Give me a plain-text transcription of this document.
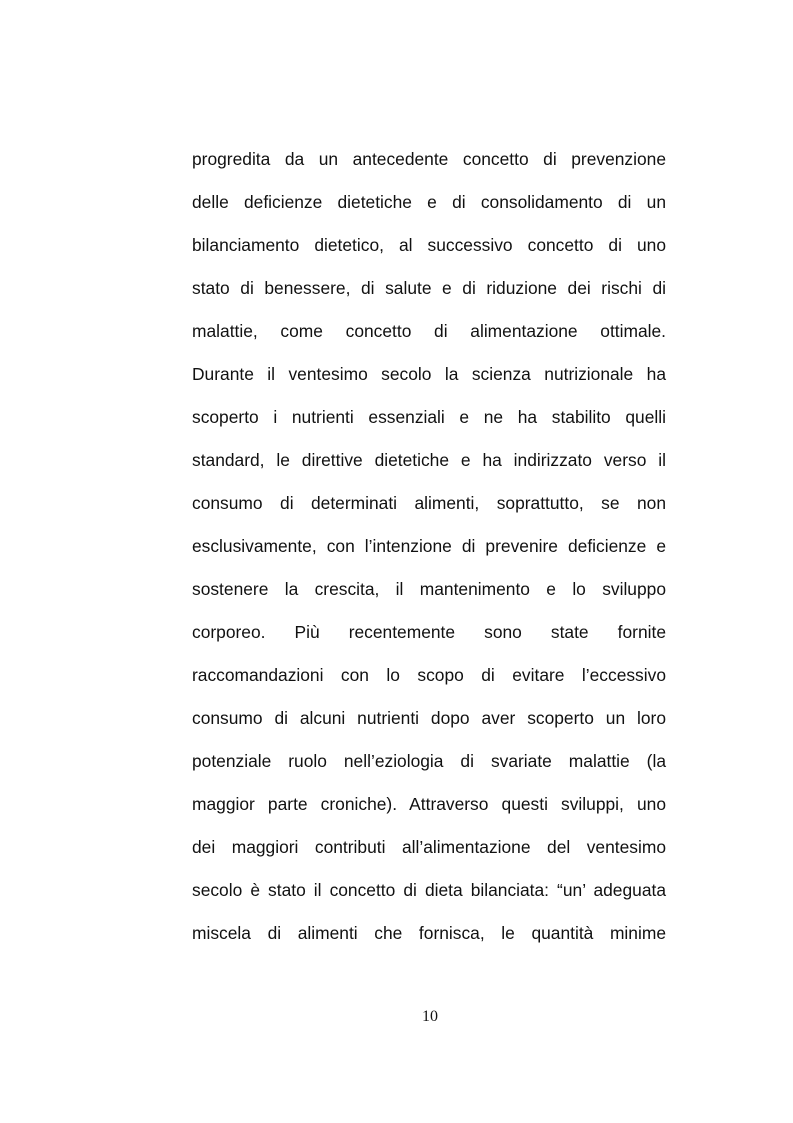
progredita da un antecedente concetto di prevenzione
delle deficienze dietetiche e di consolidamento di un
bilanciamento dietetico, al successivo concetto di uno
stato di benessere, di salute e di riduzione dei rischi di
malattie, come concetto di alimentazione ottimale.
Durante il ventesimo secolo la scienza nutrizionale ha
scoperto i nutrienti essenziali e ne ha stabilito quelli
standard, le direttive dietetiche e ha indirizzato verso il
consumo di determinati alimenti, soprattutto, se non
esclusivamente, con l’intenzione di prevenire deficienze e
sostenere la crescita, il mantenimento e lo sviluppo
corporeo. Più recentemente sono state fornite
raccomandazioni con lo scopo di evitare l’eccessivo
consumo di alcuni nutrienti dopo aver scoperto un loro
potenziale ruolo nell’eziologia di svariate malattie (la
maggior parte croniche). Attraverso questi sviluppi, uno
dei maggiori contributi all’alimentazione del ventesimo
secolo è stato il concetto di dieta bilanciata: “un’ adeguata
miscela di alimenti che fornisca, le quantità minime
10
